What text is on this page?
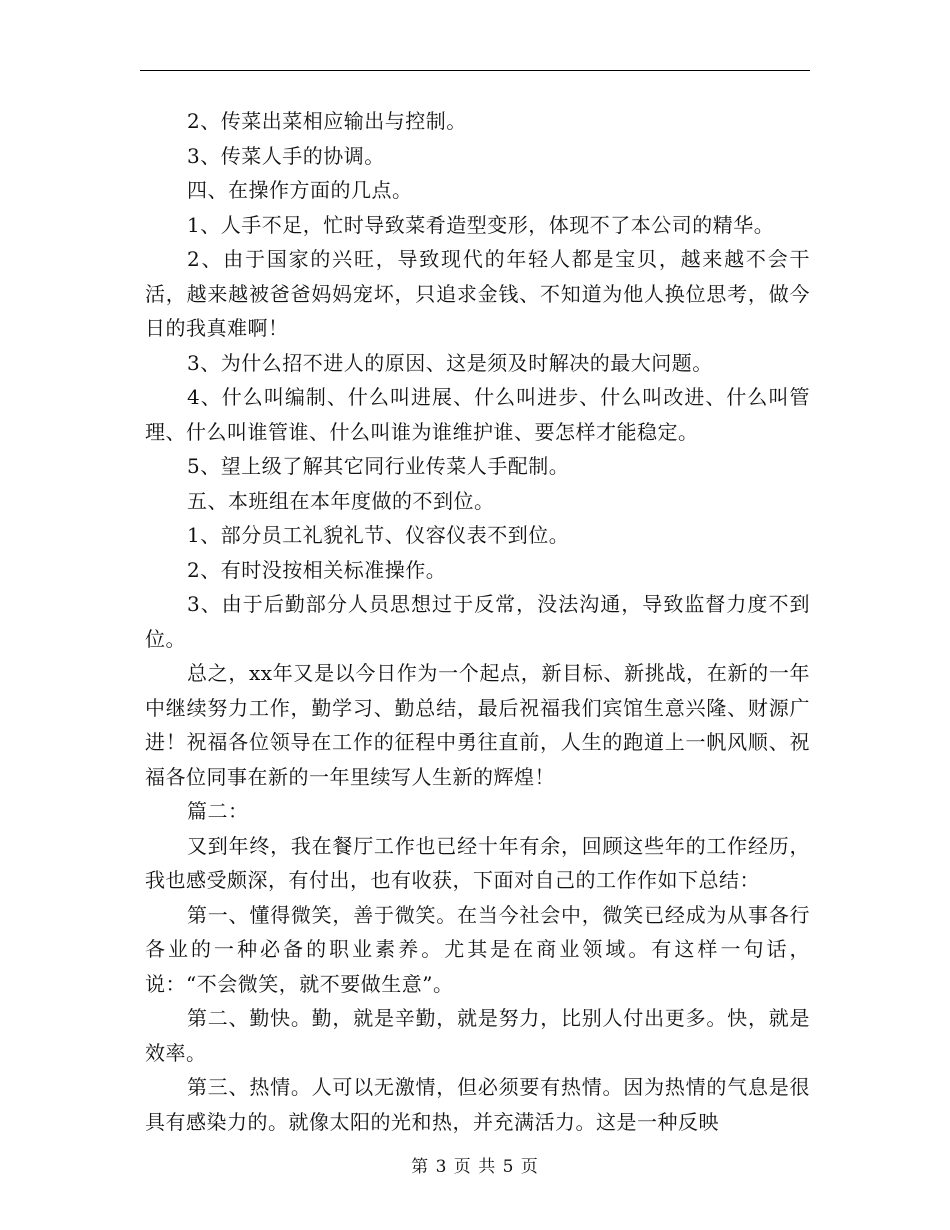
2、传菜出菜相应输出与控制。

3、传菜人手的协调。

四、在操作方面的几点。

1、人手不足，忙时导致菜肴造型变形，体现不了本公司的精华。

2、由于国家的兴旺，导致现代的年轻人都是宝贝，越来越不会干活，越来越被爸爸妈妈宠坏，只追求金钱、不知道为他人换位思考，做今日的我真难啊！

3、为什么招不进人的原因、这是须及时解决的最大问题。

4、什么叫编制、什么叫进展、什么叫进步、什么叫改进、什么叫管理、什么叫谁管谁、什么叫谁为谁维护谁、要怎样才能稳定。

5、望上级了解其它同行业传菜人手配制。

五、本班组在本年度做的不到位。

1、部分员工礼貌礼节、仪容仪表不到位。

2、有时没按相关标准操作。

3、由于后勤部分人员思想过于反常，没法沟通，导致监督力度不到位。

总之，xx年又是以今日作为一个起点，新目标、新挑战，在新的一年中继续努力工作，勤学习、勤总结，最后祝福我们宾馆生意兴隆、财源广进！祝福各位领导在工作的征程中勇往直前，人生的跑道上一帆风顺、祝福各位同事在新的一年里续写人生新的辉煌！

篇二：

又到年终，我在餐厅工作也已经十年有余，回顾这些年的工作经历，我也感受颇深，有付出，也有收获，下面对自己的工作作如下总结：

第一、懂得微笑，善于微笑。在当今社会中，微笑已经成为从事各行各业的一种必备的职业素养。尤其是在商业领域。有这样一句话，说：“不会微笑，就不要做生意”。

第二、勤快。勤，就是辛勤，就是努力，比别人付出更多。快，就是效率。

第三、热情。人可以无激情，但必须要有热情。因为热情的气息是很具有感染力的。就像太阳的光和热，并充满活力。这是一种反映

第 3 页 共 5 页
